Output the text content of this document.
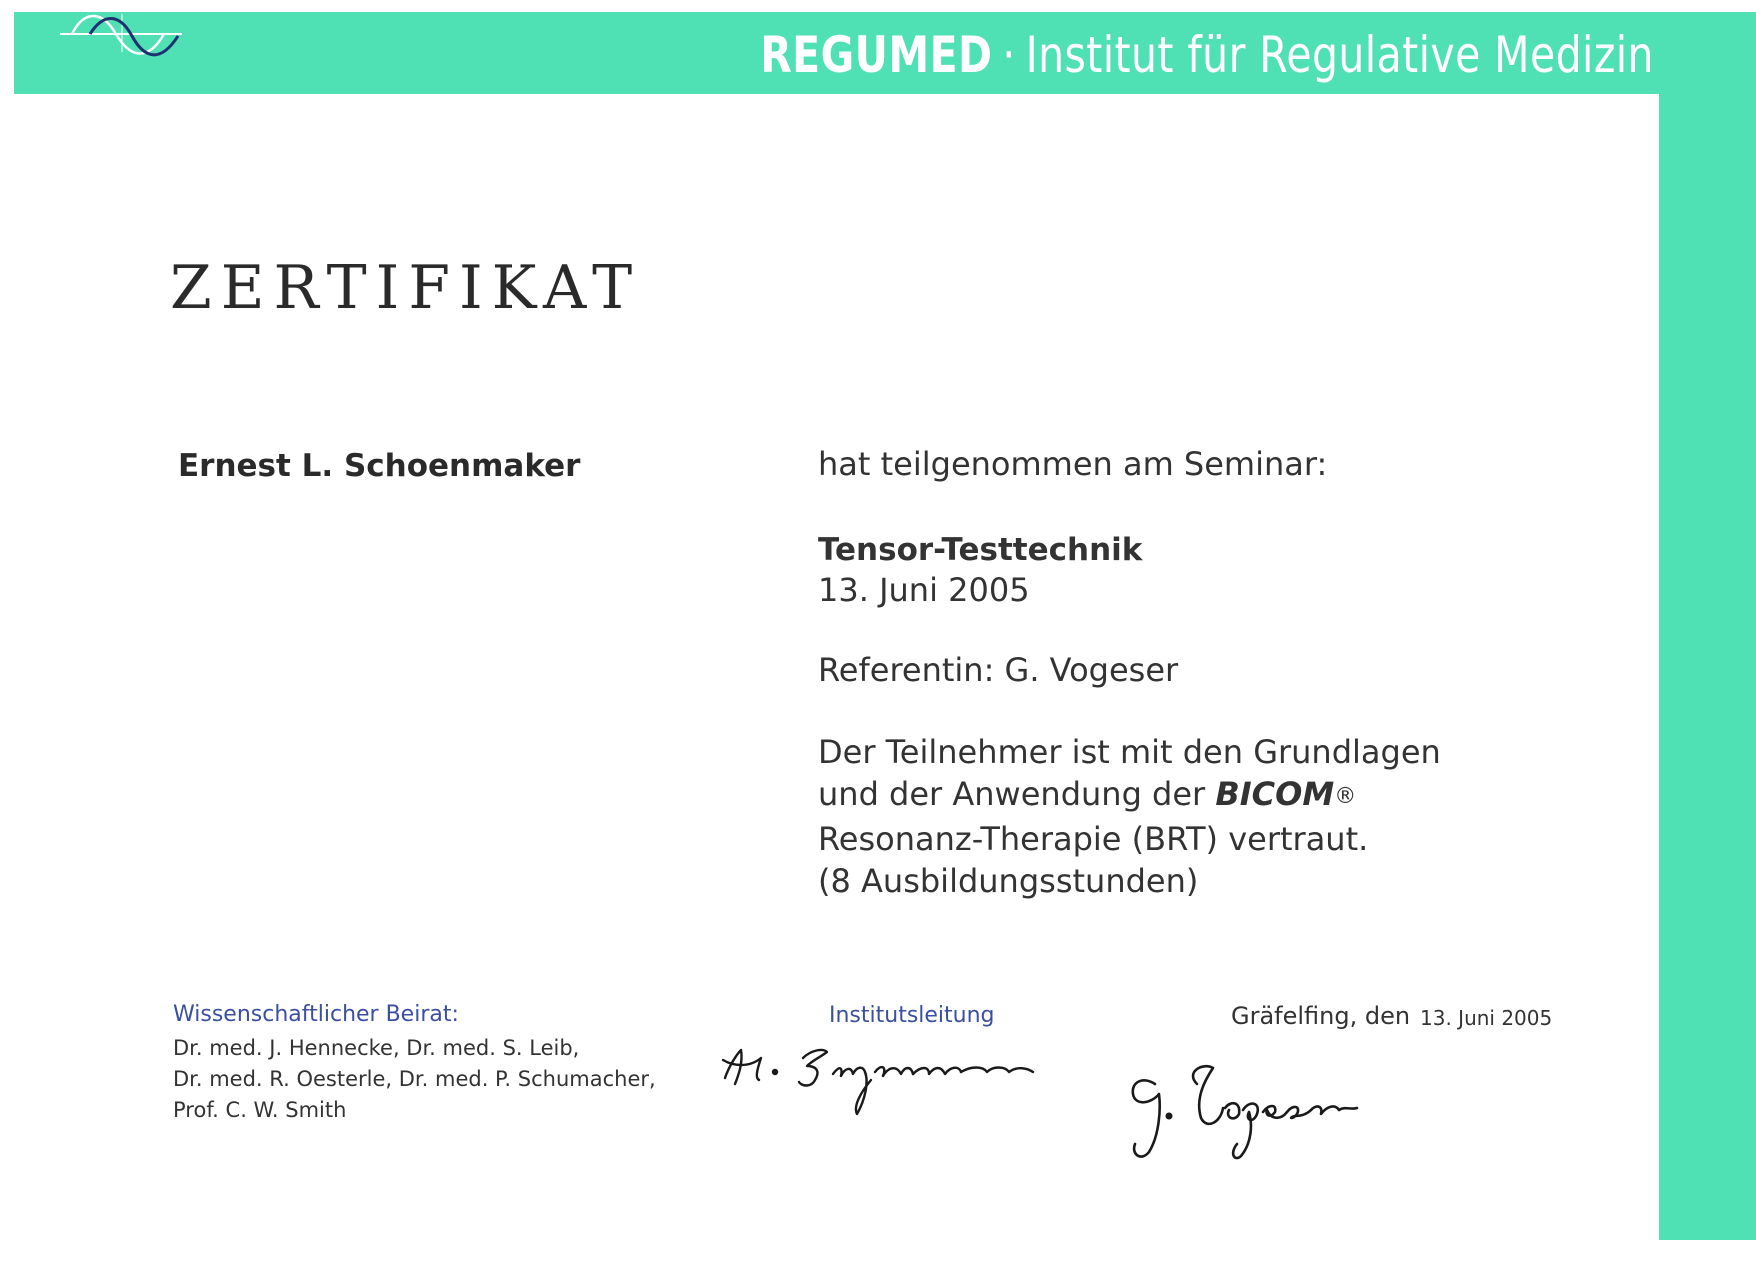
REGUMED · Institut für Regulative Medizin
ZERTIFIKAT
Ernest L. Schoenmaker	hat teilgenommen am Seminar:
Tensor-Testtechnik
13. Juni 2005
Referentin: G. Vogeser
Der Teilnehmer ist mit den Grundlagen
und der Anwendung der BICOM®
Resonanz-Therapie (BRT) vertraut.
(8 Ausbildungsstunden)
Wissenschaftlicher Beirat:
Dr. med. J. Hennecke, Dr. med. S. Leib,
Dr. med. R. Oesterle, Dr. med. P. Schumacher,
Prof. C. W. Smith
Institutsleitung	Gräfelfing, den 13. Juni 2005
